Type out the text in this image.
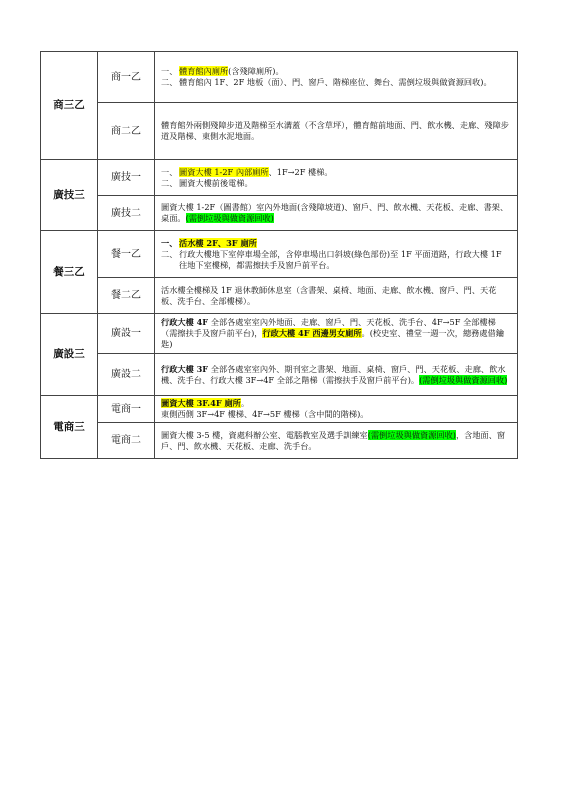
商三乙	商一乙	一、 體育館內廁所(含殘障廁所)。
二、 體育館內 1F、2F 地板（面）、門、窗戶、階梯座位、舞台、需倒垃圾與做資源回收)。

	商二乙	體育館外兩側殘障步道及階梯至水溝蓋（不含草坪），體育館前地面、門、飲水機、走廊、殘障步道及階梯、東側水泥地面。
廣技三	廣技一	一、 圖資大樓 1-2F 內部廁所、1F→2F 樓梯。
二、 圖資大樓前後電梯。

	廣技二	圖資大樓 1-2F（圖書館）室內外地面(含殘障坡道)、窗戶、門、飲水機、天花板、走廊、書架、桌面。(需倒垃圾與做資源回收)
餐三乙	餐一乙	一、 活水樓 2F、3F 廁所
二、 行政大樓地下室停車場全部，含停車場出口斜坡(綠色部份)至 1F 平面道路，行政大樓 1F 往地下室樓梯，都需擦扶手及窗戶前平台。

	餐二乙	活水樓全樓梯及 1F 退休教師休息室（含書架、桌椅、地面、走廊、飲水機、窗戶、門、天花板、洗手台、全部樓梯）。
廣設三	廣設一	行政大樓 4F 全部各處室室內外地面、走廊、窗戶、門、天花板、洗手台、4F→5F 全部樓梯（需擦扶手及窗戶前平台)，行政大樓 4F 西邊男女廁所。(校史室、禮堂一週一次，總務處借鑰匙)
	廣設二	行政大樓 3F 全部各處室室內外、期刊室之書架、地面、桌椅、窗戶、門、天花板、走廊、飲水機、洗手台、行政大樓 3F→4F 全部之階梯（需擦扶手及窗戶前平台)。(需倒垃圾與做資源回收)
電商三	電商一	圖資大樓 3F.4F 廁所。
東側西側 3F→4F 樓梯、4F→5F 樓梯（含中間的階梯)。

	電商二	圖資大樓 3-5 樓，資處科辦公室、電腦教室及選手訓練室(需倒垃圾與做資源回收)，含地面、窗戶、門、飲水機、天花板、走廊、洗手台。
